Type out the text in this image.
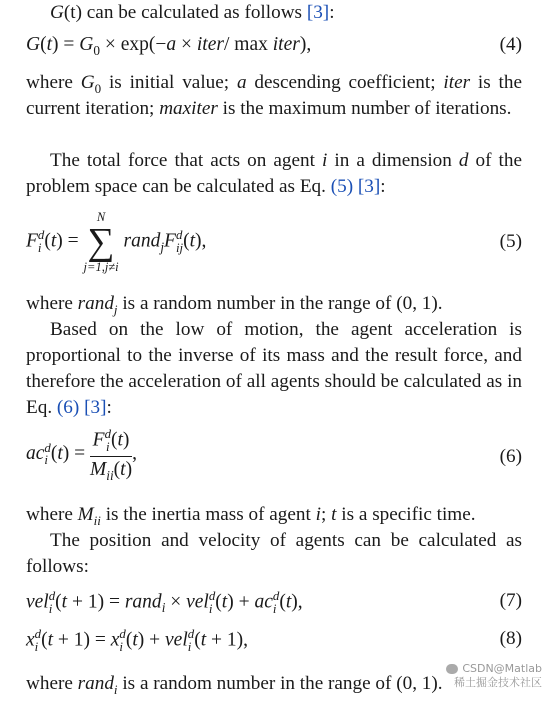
G(t) can be calculated as follows [3]:

$G(t) = G_0 \times \exp(-a$ × iter/ max iter),	(4)

where $G_0$ is initial value; a descending coefficient; iter is the current iteration; maxiter is the maximum number of iterations.

The total force that acts on agent i in a dimension d of the problem space can be calculated as Eq. (5) [3]:

F d
i (t) =
N
∑
j=1,j≠i
rand$_j$F d
ij (t),	(5)

where rand$_j$ is a random number in the range of (0, 1).

Based on the low of motion, the agent acceleration is proportional to the inverse of its mass and the result force, and therefore the acceleration of all agents should be calculated as in Eq. (6) [3]:

ac d
i (t) = F d
i (t)
$M_{ii}(t)$ ,	(6)

where $M_{ii}$ is the inertia mass of agent i; t is a specific time.

The position and velocity of agents can be calculated as follows:

vel d
i (t + 1) = rand$_i$ × vel d
i (t) + ac d
i (t),	(7)
x d
i (t + 1) = x d
i (t) + vel d
i (t + 1),	(8)

where rand$_i$ is a random number in the range of (0, 1).

CSDN@Matlab
稀土掘金技术社区
